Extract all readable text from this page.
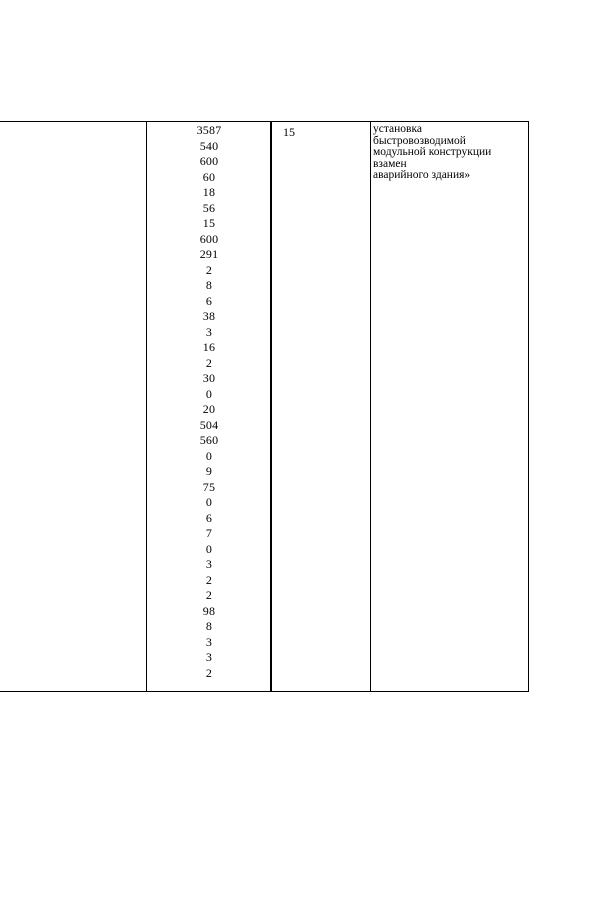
3587
540
600
60
18
56
15
600
291
2
8
6
38
3
16
2
30
0
20
504
560
0
9
75
0
6
7
0
3
2
2
98
8
3
3
2
15	установка
быстровозводимой
модульной конструкции
взамен
аварийного здания»
